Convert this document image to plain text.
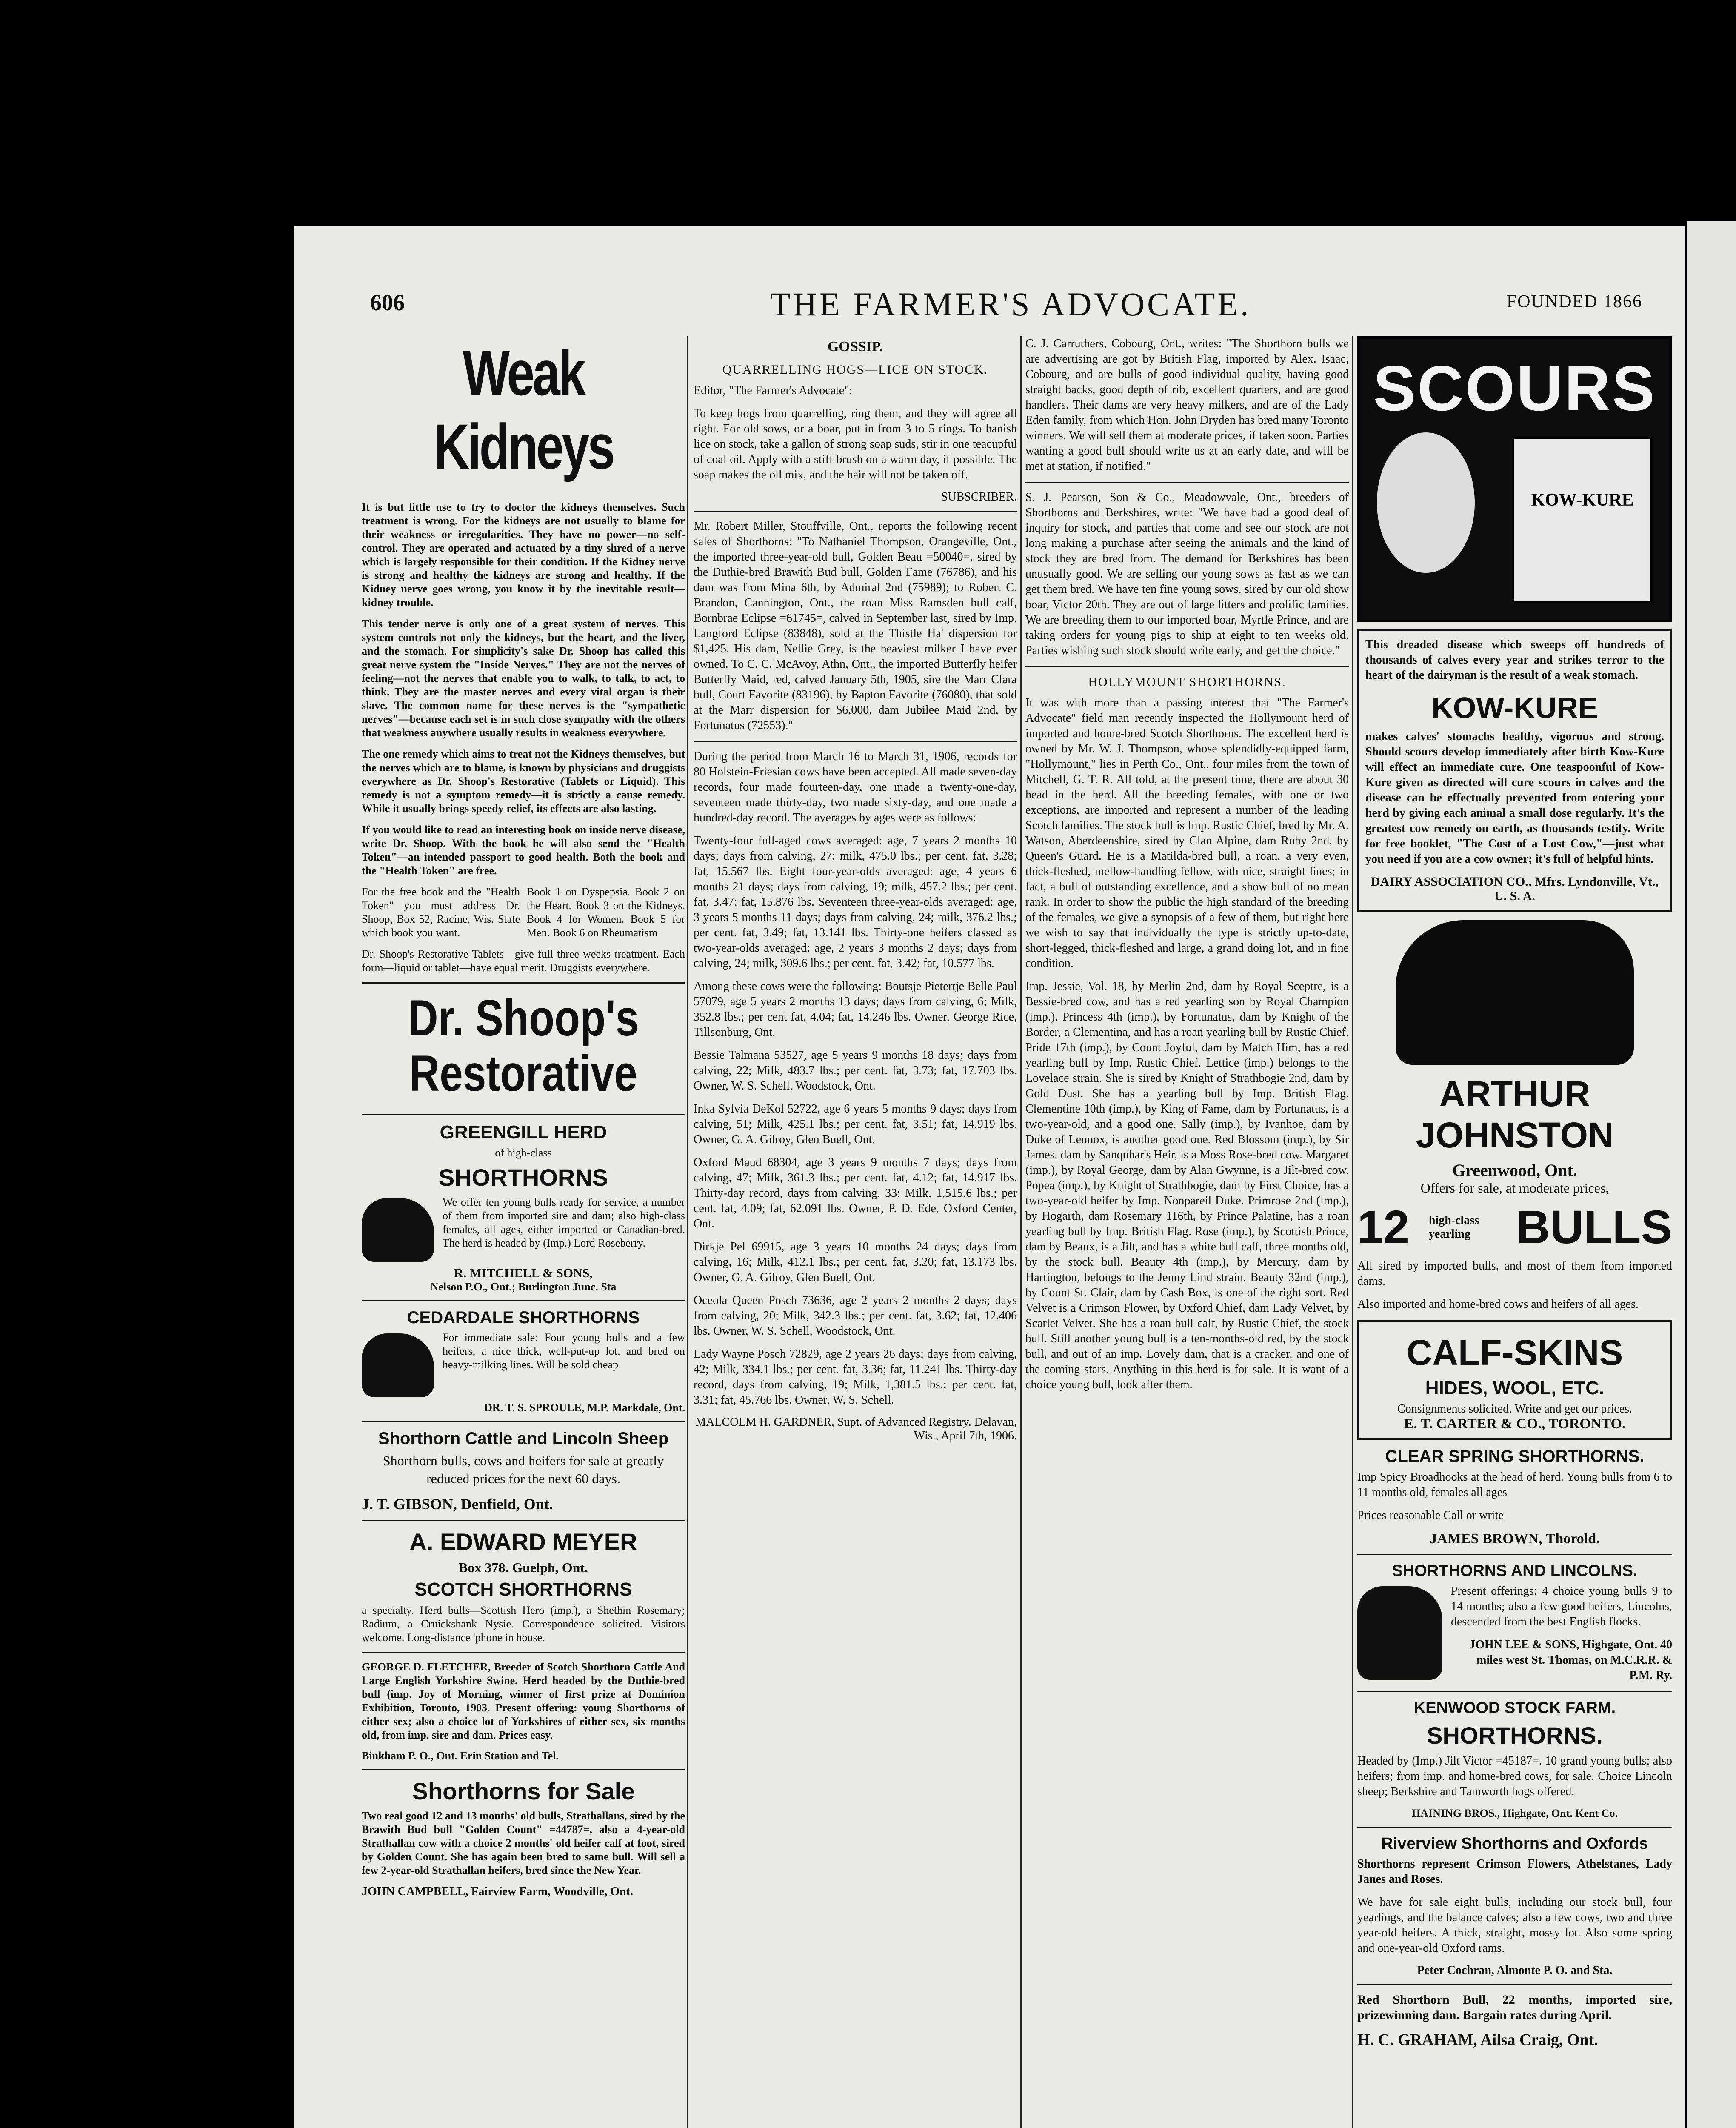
606	THE FARMER'S ADVOCATE.	FOUNDED 1866
Weak Kidneys

It is but little use to try to doctor the kidneys themselves. Such treatment is wrong. For the kidneys are not usually to blame for their weakness or irregularities. They have no power—no self-control. They are operated and actuated by a tiny shred of a nerve which is largely responsible for their condition. If the Kidney nerve is strong and healthy the kidneys are strong and healthy. If the Kidney nerve goes wrong, you know it by the inevitable result—kidney trouble.

This tender nerve is only one of a great system of nerves. This system controls not only the kidneys, but the heart, and the liver, and the stomach. For simplicity's sake Dr. Shoop has called this great nerve system the "Inside Nerves." They are not the nerves of feeling—not the nerves that enable you to walk, to talk, to act, to think. They are the master nerves and every vital organ is their slave. The common name for these nerves is the "sympathetic nerves"—because each set is in such close sympathy with the others that weakness anywhere usually results in weakness everywhere.

The one remedy which aims to treat not the Kidneys themselves, but the nerves which are to blame, is known by physicians and druggists everywhere as Dr. Shoop's Restorative (Tablets or Liquid). This remedy is not a symptom remedy—it is strictly a cause remedy. While it usually brings speedy relief, its effects are also lasting.

If you would like to read an interesting book on inside nerve disease, write Dr. Shoop. With the book he will also send the "Health Token"—an intended passport to good health. Both the book and the "Health Token" are free.

For the free book and the "Health Token" you must address Dr. Shoop, Box 52, Racine, Wis. State which book you want.

Book 1 on Dyspepsia. Book 2 on the Heart. Book 3 on the Kidneys. Book 4 for Women. Book 5 for Men. Book 6 on Rheumatism

Dr. Shoop's Restorative Tablets—give full three weeks treatment. Each form—liquid or tablet—have equal merit. Druggists everywhere.

Dr. Shoop's
Restorative
GREENGILL HERD
of high-class
SHORTHORNS

We offer ten young bulls ready for service, a number of them from imported sire and dam; also high-class females, all ages, either imported or Canadian-bred. The herd is headed by (Imp.) Lord Roseberry.

R. MITCHELL & SONS,
Nelson P.O., Ont.; Burlington Junc. Sta
CEDARDALE SHORTHORNS

For immediate sale: Four young bulls and a few heifers, a nice thick, well-put-up lot, and bred on heavy-milking lines. Will be sold cheap

DR. T. S. SPROULE, M.P. Markdale, Ont.
Shorthorn Cattle and Lincoln Sheep

Shorthorn bulls, cows and heifers for sale at greatly reduced prices for the next 60 days.

J. T. GIBSON, Denfield, Ont.
A. EDWARD MEYER
Box 378. Guelph, Ont.
SCOTCH SHORTHORNS

a specialty. Herd bulls—Scottish Hero (imp.), a Shethin Rosemary; Radium, a Cruickshank Nysie. Correspondence solicited. Visitors welcome. Long-distance 'phone in house.

GEORGE D. FLETCHER, Breeder of Scotch Shorthorn Cattle And Large English Yorkshire Swine. Herd headed by the Duthie-bred bull (imp. Joy of Morning, winner of first prize at Dominion Exhibition, Toronto, 1903. Present offering: young Shorthorns of either sex; also a choice lot of Yorkshires of either sex, six months old, from imp. sire and dam. Prices easy.

Binkham P. O., Ont. Erin Station and Tel.
Shorthorns for Sale

Two real good 12 and 13 months' old bulls, Strathallans, sired by the Brawith Bud bull "Golden Count" =44787=, also a 4-year-old Strathallan cow with a choice 2 months' old heifer calf at foot, sired by Golden Count. She has again been bred to same bull. Will sell a few 2-year-old Strathallan heifers, bred since the New Year.

JOHN CAMPBELL, Fairview Farm, Woodville, Ont.
GOSSIP.
QUARRELLING HOGS—LICE ON STOCK.

Editor, "The Farmer's Advocate":

To keep hogs from quarrelling, ring them, and they will agree all right. For old sows, or a boar, put in from 3 to 5 rings. To banish lice on stock, take a gallon of strong soap suds, stir in one teacupful of coal oil. Apply with a stiff brush on a warm day, if possible. The soap makes the oil mix, and the hair will not be taken off.

SUBSCRIBER.

Mr. Robert Miller, Stouffville, Ont., reports the following recent sales of Shorthorns: "To Nathaniel Thompson, Orangeville, Ont., the imported three-year-old bull, Golden Beau =50040=, sired by the Duthie-bred Brawith Bud bull, Golden Fame (76786), and his dam was from Mina 6th, by Admiral 2nd (75989); to Robert C. Brandon, Cannington, Ont., the roan Miss Ramsden bull calf, Bornbrae Eclipse =61745=, calved in September last, sired by Imp. Langford Eclipse (83848), sold at the Thistle Ha' dispersion for $1,425. His dam, Nellie Grey, is the heaviest milker I have ever owned. To C. C. McAvoy, Athn, Ont., the imported Butterfly heifer Butterfly Maid, red, calved January 5th, 1905, sire the Marr Clara bull, Court Favorite (83196), by Bapton Favorite (76080), that sold at the Marr dispersion for $6,000, dam Jubilee Maid 2nd, by Fortunatus (72553)."

During the period from March 16 to March 31, 1906, records for 80 Holstein-Friesian cows have been accepted. All made seven-day records, four made fourteen-day, one made a twenty-one-day, seventeen made thirty-day, two made sixty-day, and one made a hundred-day record. The averages by ages were as follows:

Twenty-four full-aged cows averaged: age, 7 years 2 months 10 days; days from calving, 27; milk, 475.0 lbs.; per cent. fat, 3.28; fat, 15.567 lbs. Eight four-year-olds averaged: age, 4 years 6 months 21 days; days from calving, 19; milk, 457.2 lbs.; per cent. fat, 3.47; fat, 15.876 lbs. Seventeen three-year-olds averaged: age, 3 years 5 months 11 days; days from calving, 24; milk, 376.2 lbs.; per cent. fat, 3.49; fat, 13.141 lbs. Thirty-one heifers classed as two-year-olds averaged: age, 2 years 3 months 2 days; days from calving, 24; milk, 309.6 lbs.; per cent. fat, 3.42; fat, 10.577 lbs.

Among these cows were the following: Boutsje Pietertje Belle Paul 57079, age 5 years 2 months 13 days; days from calving, 6; Milk, 352.8 lbs.; per cent fat, 4.04; fat, 14.246 lbs. Owner, George Rice, Tillsonburg, Ont.

Bessie Talmana 53527, age 5 years 9 months 18 days; days from calving, 22; Milk, 483.7 lbs.; per cent. fat, 3.73; fat, 17.703 lbs. Owner, W. S. Schell, Woodstock, Ont.

Inka Sylvia DeKol 52722, age 6 years 5 months 9 days; days from calving, 51; Milk, 425.1 lbs.; per cent. fat, 3.51; fat, 14.919 lbs. Owner, G. A. Gilroy, Glen Buell, Ont.

Oxford Maud 68304, age 3 years 9 months 7 days; days from calving, 47; Milk, 361.3 lbs.; per cent. fat, 4.12; fat, 14.917 lbs. Thirty-day record, days from calving, 33; Milk, 1,515.6 lbs.; per cent. fat, 4.09; fat, 62.091 lbs. Owner, P. D. Ede, Oxford Center, Ont.

Dirkje Pel 69915, age 3 years 10 months 24 days; days from calving, 16; Milk, 412.1 lbs.; per cent. fat, 3.20; fat, 13.173 lbs. Owner, G. A. Gilroy, Glen Buell, Ont.

Oceola Queen Posch 73636, age 2 years 2 months 2 days; days from calving, 20; Milk, 342.3 lbs.; per cent. fat, 3.62; fat, 12.406 lbs. Owner, W. S. Schell, Woodstock, Ont.

Lady Wayne Posch 72829, age 2 years 26 days; days from calving, 42; Milk, 334.1 lbs.; per cent. fat, 3.36; fat, 11.241 lbs. Thirty-day record, days from calving, 19; Milk, 1,381.5 lbs.; per cent. fat, 3.31; fat, 45.766 lbs. Owner, W. S. Schell.

MALCOLM H. GARDNER, Supt. of Advanced Registry. Delavan, Wis., April 7th, 1906.

C. J. Carruthers, Cobourg, Ont., writes: "The Shorthorn bulls we are advertising are got by British Flag, imported by Alex. Isaac, Cobourg, and are bulls of good individual quality, having good straight backs, good depth of rib, excellent quarters, and are good handlers. Their dams are very heavy milkers, and are of the Lady Eden family, from which Hon. John Dryden has bred many Toronto winners. We will sell them at moderate prices, if taken soon. Parties wanting a good bull should write us at an early date, and will be met at station, if notified."

S. J. Pearson, Son & Co., Meadowvale, Ont., breeders of Shorthorns and Berkshires, write: "We have had a good deal of inquiry for stock, and parties that come and see our stock are not long making a purchase after seeing the animals and the kind of stock they are bred from. The demand for Berkshires has been unusually good. We are selling our young sows as fast as we can get them bred. We have ten fine young sows, sired by our old show boar, Victor 20th. They are out of large litters and prolific families. We are breeding them to our imported boar, Myrtle Prince, and are taking orders for young pigs to ship at eight to ten weeks old. Parties wishing such stock should write early, and get the choice."

HOLLYMOUNT SHORTHORNS.

It was with more than a passing interest that "The Farmer's Advocate" field man recently inspected the Hollymount herd of imported and home-bred Scotch Shorthorns. The excellent herd is owned by Mr. W. J. Thompson, whose splendidly-equipped farm, "Hollymount," lies in Perth Co., Ont., four miles from the town of Mitchell, G. T. R. All told, at the present time, there are about 30 head in the herd. All the breeding females, with one or two exceptions, are imported and represent a number of the leading Scotch families. The stock bull is Imp. Rustic Chief, bred by Mr. A. Watson, Aberdeenshire, sired by Clan Alpine, dam Ruby 2nd, by Queen's Guard. He is a Matilda-bred bull, a roan, a very even, thick-fleshed, mellow-handling fellow, with nice, straight lines; in fact, a bull of outstanding excellence, and a show bull of no mean rank. In order to show the public the high standard of the breeding of the females, we give a synopsis of a few of them, but right here we wish to say that individually the type is strictly up-to-date, short-legged, thick-fleshed and large, a grand doing lot, and in fine condition.

Imp. Jessie, Vol. 18, by Merlin 2nd, dam by Royal Sceptre, is a Bessie-bred cow, and has a red yearling son by Royal Champion (imp.). Princess 4th (imp.), by Fortunatus, dam by Knight of the Border, a Clementina, and has a roan yearling bull by Rustic Chief. Pride 17th (imp.), by Count Joyful, dam by Match Him, has a red yearling bull by Imp. Rustic Chief. Lettice (imp.) belongs to the Lovelace strain. She is sired by Knight of Strathbogie 2nd, dam by Gold Dust. She has a yearling bull by Imp. British Flag. Clementine 10th (imp.), by King of Fame, dam by Fortunatus, is a two-year-old, and a good one. Sally (imp.), by Ivanhoe, dam by Duke of Lennox, is another good one. Red Blossom (imp.), by Sir James, dam by Sanquhar's Heir, is a Moss Rose-bred cow. Margaret (imp.), by Royal George, dam by Alan Gwynne, is a Jilt-bred cow. Popea (imp.), by Knight of Strathbogie, dam by First Choice, has a two-year-old heifer by Imp. Nonpareil Duke. Primrose 2nd (imp.), by Hogarth, dam Rosemary 116th, by Prince Palatine, has a roan yearling bull by Imp. British Flag. Rose (imp.), by Scottish Prince, dam by Beaux, is a Jilt, and has a white bull calf, three months old, by the stock bull. Beauty 4th (imp.), by Mercury, dam by Hartington, belongs to the Jenny Lind strain. Beauty 32nd (imp.), by Count St. Clair, dam by Cash Box, is one of the right sort. Red Velvet is a Crimson Flower, by Oxford Chief, dam Lady Velvet, by Scarlet Velvet. She has a roan bull calf, by Rustic Chief, the stock bull. Still another young bull is a ten-months-old red, by the stock bull, and out of an imp. Lovely dam, that is a cracker, and one of the coming stars. Anything in this herd is for sale. It is want of a choice young bull, look after them.

SCOURS
KOW-KURE

This dreaded disease which sweeps off hundreds of thousands of calves every year and strikes terror to the heart of the dairyman is the result of a weak stomach.

KOW-KURE

makes calves' stomachs healthy, vigorous and strong. Should scours develop immediately after birth Kow-Kure will effect an immediate cure. One teaspoonful of Kow-Kure given as directed will cure scours in calves and the disease can be effectually prevented from entering your herd by giving each animal a small dose regularly. It's the greatest cow remedy on earth, as thousands testify. Write for free booklet, "The Cost of a Lost Cow,"—just what you need if you are a cow owner; it's full of helpful hints.

DAIRY ASSOCIATION CO., Mfrs. Lyndonville, Vt., U. S. A.
ARTHUR JOHNSTON
Greenwood, Ont.
Offers for sale, at moderate prices,
12 high-class yearling BULLS

All sired by imported bulls, and most of them from imported dams.

Also imported and home-bred cows and heifers of all ages.

CALF-SKINS
HIDES, WOOL, ETC.
Consignments solicited. Write and get our prices.
E. T. CARTER & CO., TORONTO.
CLEAR SPRING SHORTHORNS.

Imp Spicy Broadhooks at the head of herd. Young bulls from 6 to 11 months old, females all ages

Prices reasonable Call or write

JAMES BROWN, Thorold.
SHORTHORNS AND LINCOLNS.

Present offerings: 4 choice young bulls 9 to 14 months; also a few good heifers, Lincolns, descended from the best English flocks.

JOHN LEE & SONS, Highgate, Ont. 40 miles west St. Thomas, on M.C.R.R. & P.M. Ry.

KENWOOD STOCK FARM.
SHORTHORNS.

Headed by (Imp.) Jilt Victor =45187=. 10 grand young bulls; also heifers; from imp. and home-bred cows, for sale. Choice Lincoln sheep; Berkshire and Tamworth hogs offered.

HAINING BROS., Highgate, Ont. Kent Co.
Riverview Shorthorns and Oxfords

Shorthorns represent Crimson Flowers, Athelstanes, Lady Janes and Roses.

We have for sale eight bulls, including our stock bull, four yearlings, and the balance calves; also a few cows, two and three year-old heifers. A thick, straight, mossy lot. Also some spring and one-year-old Oxford rams.

Peter Cochran, Almonte P. O. and Sta.

Red Shorthorn Bull, 22 months, imported sire, prizewinning dam. Bargain rates during April.

H. C. GRAHAM, Ailsa Craig, Ont.
